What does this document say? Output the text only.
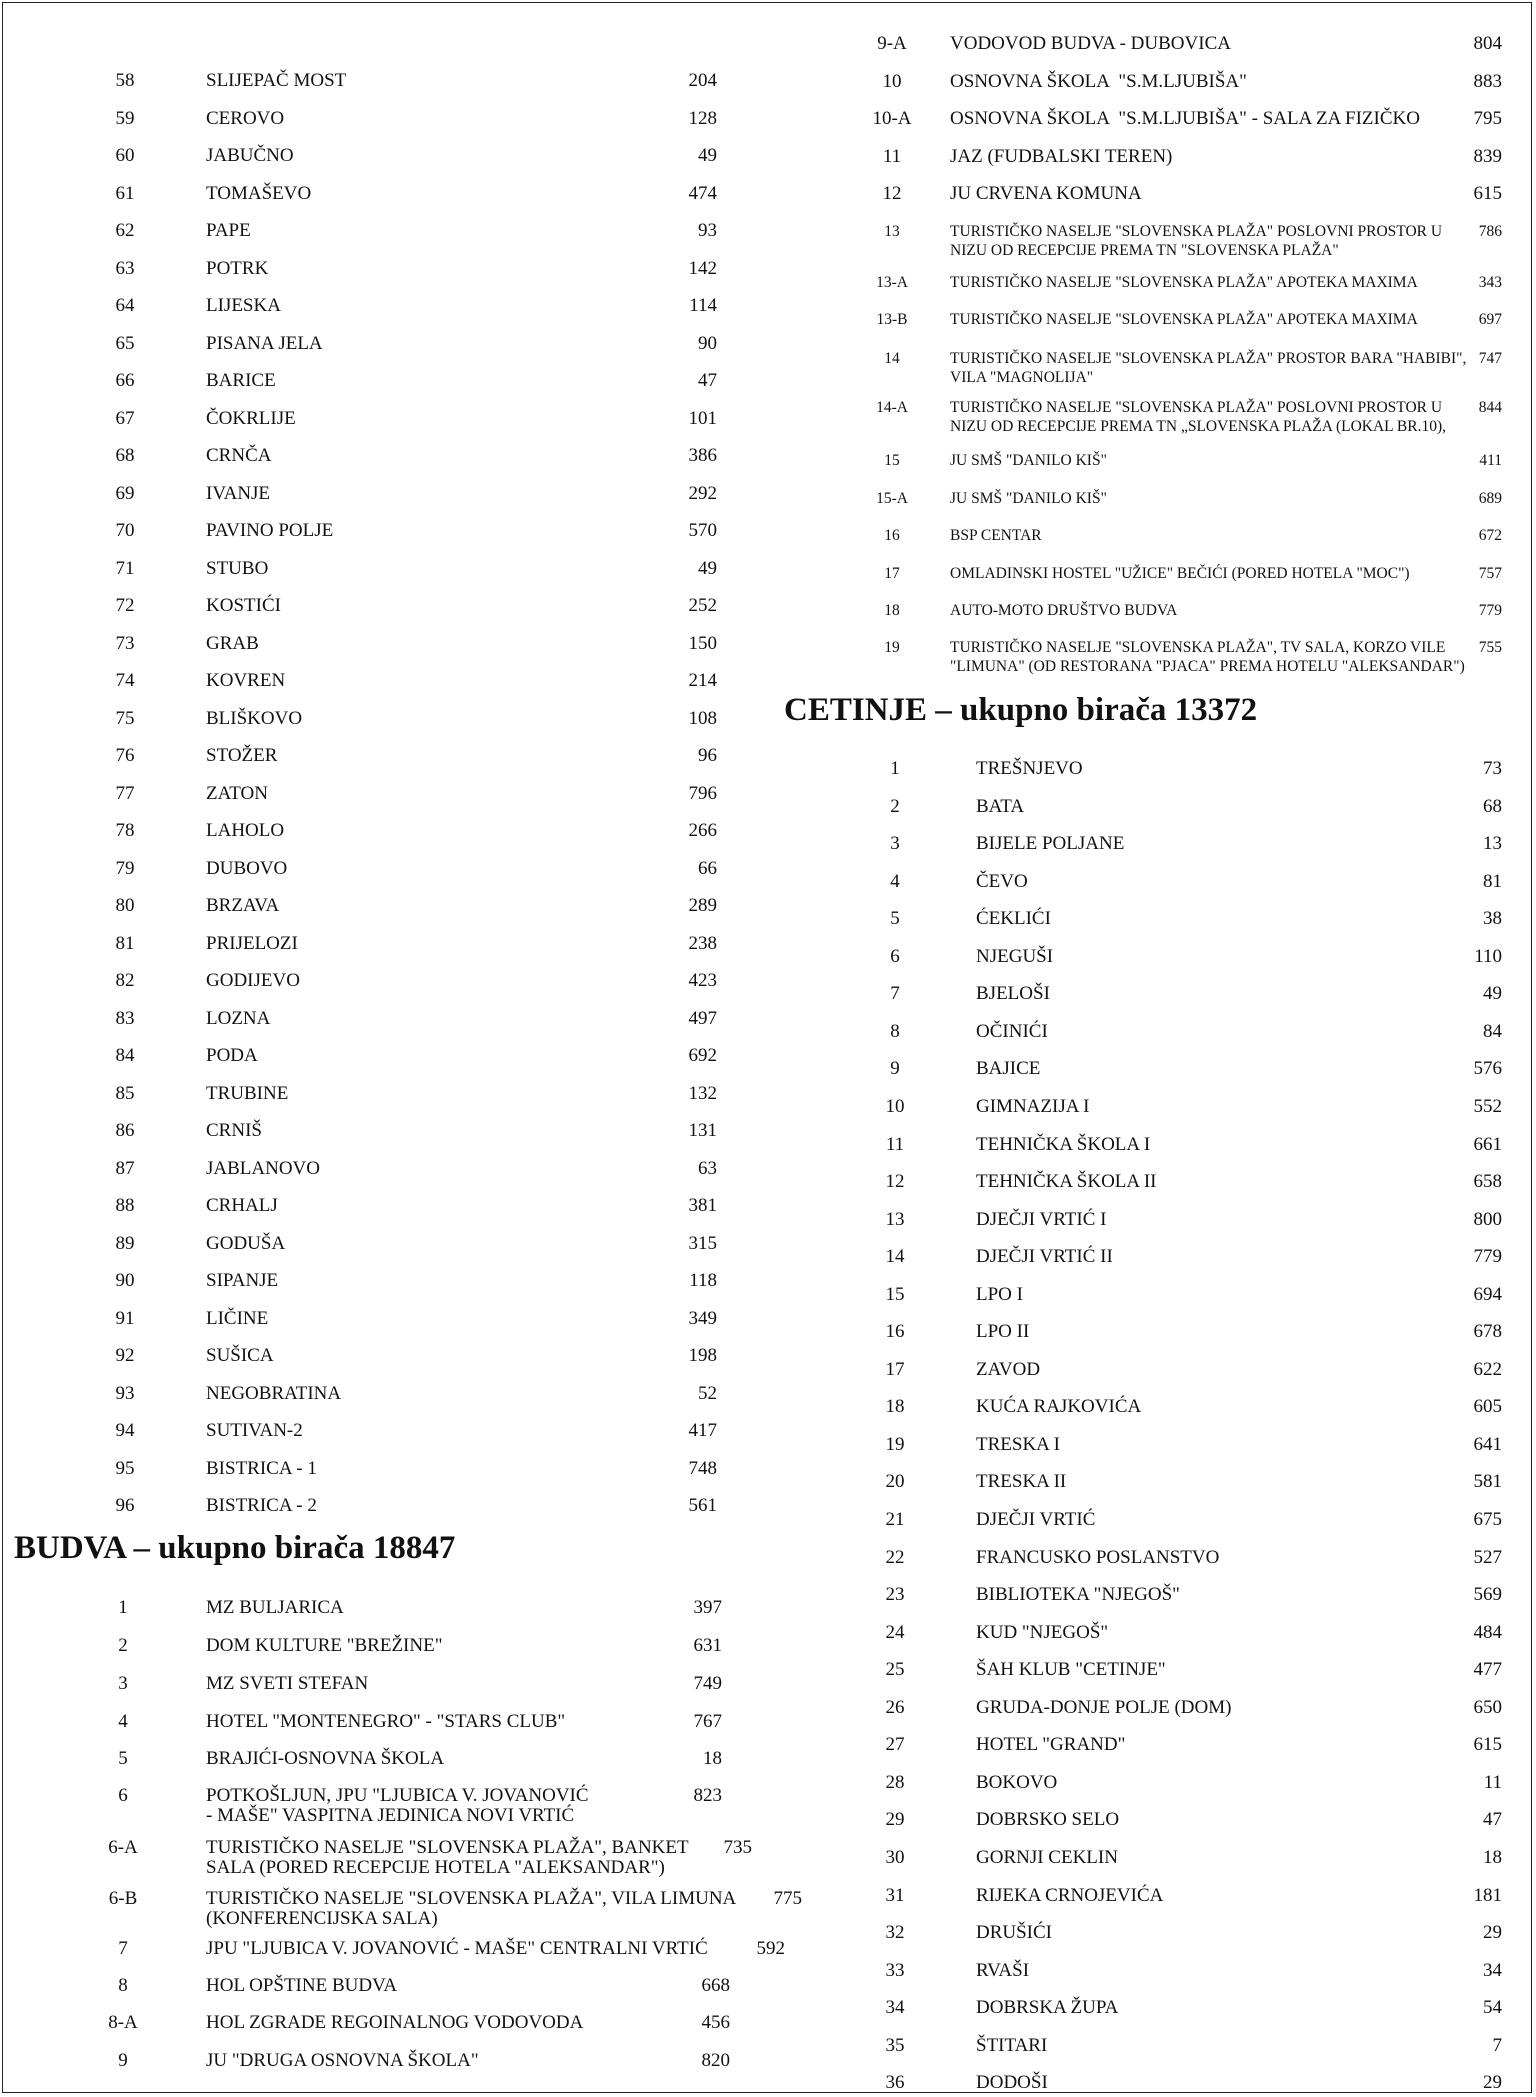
58	SLIJEPAČ MOST	204
59	CEROVO	128
60	JABUČNO	49
61	TOMAŠEVO	474
62	PAPE	93
63	POTRK	142
64	LIJESKA	114
65	PISANA JELA	90
66	BARICE	47
67	ČOKRLIJE	101
68	CRNČA	386
69	IVANJE	292
70	PAVINO POLJE	570
71	STUBO	49
72	KOSTIĆI	252
73	GRAB	150
74	KOVREN	214
75	BLIŠKOVO	108
76	STOŽER	96
77	ZATON	796
78	LAHOLO	266
79	DUBOVO	66
80	BRZAVA	289
81	PRIJELOZI	238
82	GODIJEVO	423
83	LOZNA	497
84	PODA	692
85	TRUBINE	132
86	CRNIŠ	131
87	JABLANOVO	63
88	CRHALJ	381
89	GODUŠA	315
90	SIPANJE	118
91	LIČINE	349
92	SUŠICA	198
93	NEGOBRATINA	52
94	SUTIVAN-2	417
95	BISTRICA - 1	748
96	BISTRICA - 2	561
BUDVA – ukupno birača 18847
1	MZ BULJARICA	397
2	DOM KULTURE "BREŽINE"	631
3	MZ SVETI STEFAN	749
4	HOTEL "MONTENEGRO" - "STARS CLUB"	767
5	BRAJIĆI-OSNOVNA ŠKOLA	18
6	POTKOŠLJUN, JPU "LJUBICA V. JOVANOVIĆ
- MAŠE" VASPITNA JEDINICA NOVI VRTIĆ
823
6-A	TURISTIČKO NASELJE "SLOVENSKA PLAŽA", BANKET
SALA (PORED RECEPCIJE HOTELA "ALEKSANDAR")
735
6-B	TURISTIČKO NASELJE "SLOVENSKA PLAŽA", VILA LIMUNA
(KONFERENCIJSKA SALA)
775
7	JPU "LJUBICA V. JOVANOVIĆ - MAŠE" CENTRALNI VRTIĆ	592
8	HOL OPŠTINE BUDVA	668
8-A	HOL ZGRADE REGOINALNOG VODOVODA	456
9	JU "DRUGA OSNOVNA ŠKOLA"	820
9-A	VODOVOD BUDVA - DUBOVICA	804
10	OSNOVNA ŠKOLA  "S.M.LJUBIŠA"	883
10-A	OSNOVNA ŠKOLA  "S.M.LJUBIŠA" - SALA ZA FIZIČKO	795
11	JAZ (FUDBALSKI TEREN)	839
12	JU CRVENA KOMUNA	615
13	TURISTIČKO NASELJE "SLOVENSKA PLAŽA" POSLOVNI PROSTOR U
NIZU OD RECEPCIJE PREMA TN "SLOVENSKA PLAŽA"
786
13-A	TURISTIČKO NASELJE "SLOVENSKA PLAŽA" APOTEKA MAXIMA	343
13-B	TURISTIČKO NASELJE "SLOVENSKA PLAŽA" APOTEKA MAXIMA	697
14	TURISTIČKO NASELJE "SLOVENSKA PLAŽA" PROSTOR BARA "HABIBI",
VILA "MAGNOLIJA"
747
14-A	TURISTIČKO NASELJE "SLOVENSKA PLAŽA" POSLOVNI PROSTOR U
NIZU OD RECEPCIJE PREMA TN „SLOVENSKA PLAŽA (LOKAL BR.10),
844
15	JU SMŠ "DANILO KIŠ"	411
15-A	JU SMŠ "DANILO KIŠ"	689
16	BSP CENTAR	672
17	OMLADINSKI HOSTEL "UŽICE" BEČIĆI (PORED HOTELA "MOC")	757
18	AUTO-MOTO DRUŠTVO BUDVA	779
19	TURISTIČKO NASELJE "SLOVENSKA PLAŽA", TV SALA, KORZO VILE
"LIMUNA" (OD RESTORANA "PJACA" PREMA HOTELU "ALEKSANDAR")
755
CETINJE – ukupno birača 13372
1	TREŠNJEVO	73
2	BATA	68
3	BIJELE POLJANE	13
4	ČEVO	81
5	ĆEKLIĆI	38
6	NJEGUŠI	110
7	BJELOŠI	49
8	OČINIĆI	84
9	BAJICE	576
10	GIMNAZIJA I	552
11	TEHNIČKA ŠKOLA I	661
12	TEHNIČKA ŠKOLA II	658
13	DJEČJI VRTIĆ I	800
14	DJEČJI VRTIĆ II	779
15	LPO I	694
16	LPO II	678
17	ZAVOD	622
18	KUĆA RAJKOVIĆA	605
19	TRESKA I	641
20	TRESKA II	581
21	DJEČJI VRTIĆ	675
22	FRANCUSKO POSLANSTVO	527
23	BIBLIOTEKA "NJEGOŠ"	569
24	KUD "NJEGOŠ"	484
25	ŠAH KLUB "CETINJE"	477
26	GRUDA-DONJE POLJE (DOM)	650
27	HOTEL "GRAND"	615
28	BOKOVO	11
29	DOBRSKO SELO	47
30	GORNJI CEKLIN	18
31	RIJEKA CRNOJEVIĆA	181
32	DRUŠIĆI	29
33	RVAŠI	34
34	DOBRSKA ŽUPA	54
35	ŠTITARI	7
36	DODOŠI	29
